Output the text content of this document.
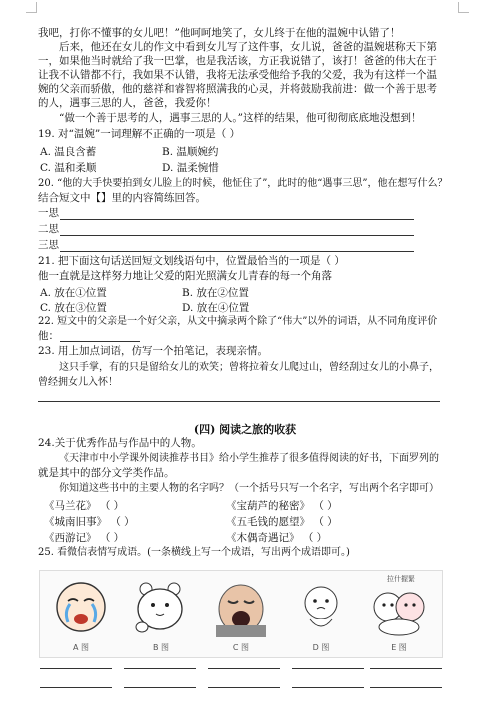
我吧，打你不懂事的女儿吧！”他呵呵地笑了，女儿终于在他的温婉中认错了！
后来，他还在女儿的作文中看到女儿写了这件事，女儿说，爸爸的温婉堪称天下第
一，如果他当时就给了我一巴掌，也是我活该，方正我说错了，该打！爸爸的伟大在于
让我不认错都不行，我如果不认错，我将无法承受他给予我的父爱，我为有这样一个温
婉的父亲而骄傲，他的慈祥和睿智将照满我的心灵，并将鼓励我前进：做一个善于思考
的人，遇事三思的人，爸爸，我爱你！
“做一个善于思考的人，遇事三思的人。”这样的结果，他可彻彻底底地没想到！
19. 对“温婉”一词理解不正确的一项是（ ）
A. 温良含蓄	B. 温顺婉约
C. 温和柔顺	D. 温柔惋惜
20. “他的大手快要拍到女儿脸上的时候，他怔住了”，此时的他“遇事三思”，他在想写什么？
结合短文中【】里的内容简练回答。
一思
二思
三思
21. 把下面这句话送回短文划线语句中，位置最恰当的一项是（ ）
他一直就是这样努力地让父爱的阳光照满女儿青春的每一个角落
A. 放在①位置	B. 放在②位置
C. 放在③位置	D. 放在④位置
22. 短文中的父亲是一个好父亲，从文中摘录两个除了“伟大”以外的词语，从不同角度评价
他：
23. 用上加点词语，仿写一个拍笔记，表现亲情。
这只手掌，有的只是留给女儿的欢笑；曾将拉着女儿爬过山，曾经刮过女儿的小鼻子，
曾经拥女儿入怀！
(四) 阅读之旅的收获
24.关于优秀作品与作品中的人物。
《天津市中小学课外阅读推荐书目》给小学生推荐了很多值得阅读的好书，下面罗列的
就是其中的部分文学类作品。
你知道这些书中的主要人物的名字吗？（一个括号只写一个名字，写出两个名字即可）
《马兰花》 （ ）	《宝葫芦的秘密》 （ ）
《城南旧事》 （ ）	《五毛钱的愿望》 （ ）
《西游记》 （ ）	《木偶奇遇记》 （ ）
25. 看微信表情写成语。(一条横线上写一个成语，写出两个成语即可。)
A 图	B 图	C 图	D 图
拉什握緊
E 图
